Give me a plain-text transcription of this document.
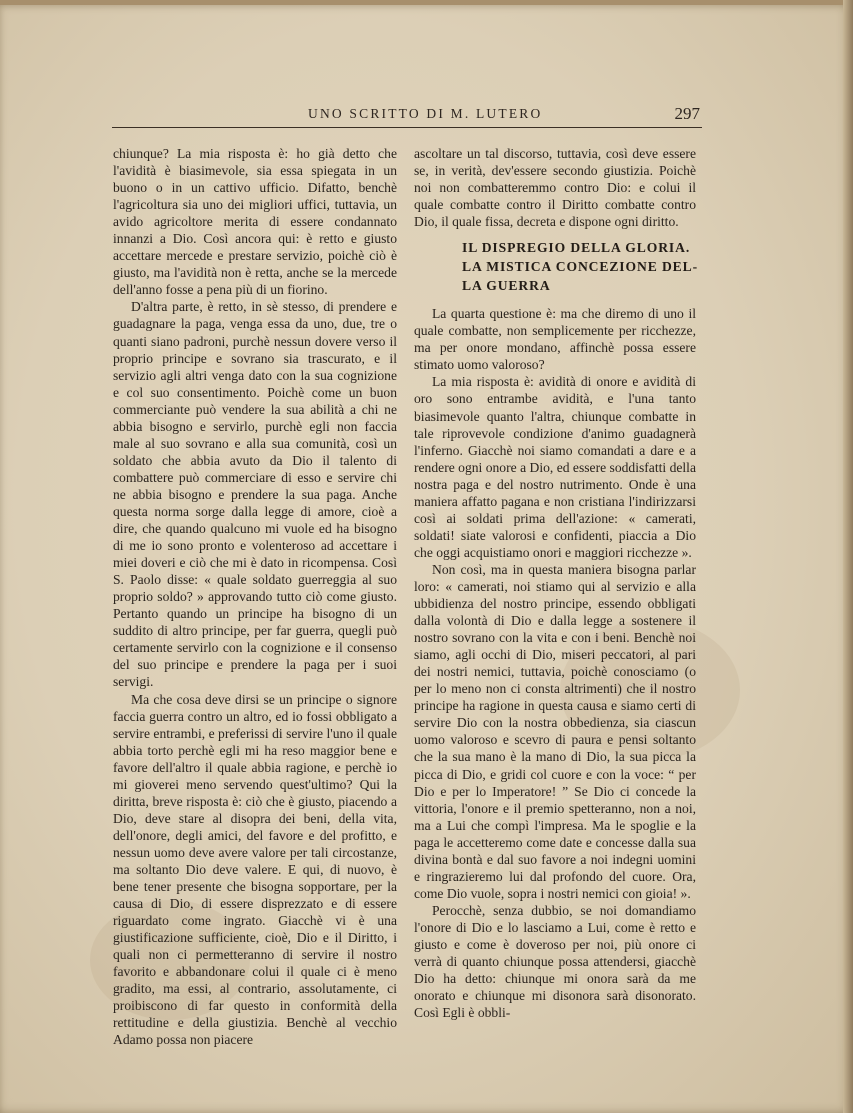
UNO SCRITTO DI M. LUTERO	297

chiunque? La mia risposta è: ho già detto che l'avidità è biasimevole, sia essa spiegata in un buono o in un cattivo ufficio. Difatto, benchè l'agricoltura sia uno dei migliori uffici, tuttavia, un avido agricoltore merita di essere condannato innanzi a Dio. Così ancora qui: è retto e giusto accettare mercede e prestare servizio, poichè ciò è giusto, ma l'avidità non è retta, anche se la mercede dell'anno fosse a pena più di un fiorino.

D'altra parte, è retto, in sè stesso, di prendere e guadagnare la paga, venga essa da uno, due, tre o quanti siano padroni, purchè nessun dovere verso il proprio principe e sovrano sia trascurato, e il servizio agli altri venga dato con la sua cognizione e col suo consentimento. Poichè come un buon commerciante può vendere la sua abilità a chi ne abbia bisogno e servirlo, purchè egli non faccia male al suo sovrano e alla sua comunità, così un soldato che abbia avuto da Dio il talento di combattere può commerciare di esso e servire chi ne abbia bisogno e prendere la sua paga. Anche questa norma sorge dalla legge di amore, cioè a dire, che quando qualcuno mi vuole ed ha bisogno di me io sono pronto e volenteroso ad accettare i miei doveri e ciò che mi è dato in ricompensa. Così S. Paolo disse: « quale soldato guerreggia al suo proprio soldo? » approvando tutto ciò come giusto. Pertanto quando un principe ha bisogno di un suddito di altro principe, per far guerra, quegli può certamente servirlo con la cognizione e il consenso del suo principe e prendere la paga per i suoi servigi.

Ma che cosa deve dirsi se un principe o signore faccia guerra contro un altro, ed io fossi obbligato a servire entrambi, e preferissi di servire l'uno il quale abbia torto perchè egli mi ha reso maggior bene e favore dell'altro il quale abbia ragione, e perchè io mi gioverei meno servendo quest'ultimo? Qui la diritta, breve risposta è: ciò che è giusto, piacendo a Dio, deve stare al disopra dei beni, della vita, dell'onore, degli amici, del favore e del profitto, e nessun uomo deve avere valore per tali circostanze, ma soltanto Dio deve valere. E qui, di nuovo, è bene tener presente che bisogna sopportare, per la causa di Dio, di essere disprezzato e di essere riguardato come ingrato. Giacchè vi è una giustificazione sufficiente, cioè, Dio e il Diritto, i quali non ci permetteranno di servire il nostro favorito e abbandonare colui il quale ci è meno gradito, ma essi, al contrario, assolutamente, ci proibiscono di far questo in conformità della rettitudine e della giustizia. Benchè al vecchio Adamo possa non piacere

ascoltare un tal discorso, tuttavia, così deve essere se, in verità, dev'essere secondo giustizia. Poichè noi non combatteremmo contro Dio: e colui il quale combatte contro il Diritto combatte contro Dio, il quale fissa, decreta e dispone ogni diritto.

IL DISPREGIO DELLA GLORIA.
LA MISTICA CONCEZIONE DEL-
LA GUERRA

La quarta questione è: ma che diremo di uno il quale combatte, non semplicemente per ricchezze, ma per onore mondano, affinchè possa essere stimato uomo valoroso?

La mia risposta è: avidità di onore e avidità di oro sono entrambe avidità, e l'una tanto biasimevole quanto l'altra, chiunque combatte in tale riprovevole condizione d'animo guadagnerà l'inferno. Giacchè noi siamo comandati a dare e a rendere ogni onore a Dio, ed essere soddisfatti della nostra paga e del nostro nutrimento. Onde è una maniera affatto pagana e non cristiana l'indirizzarsi così ai soldati prima dell'azione: « camerati, soldati! siate valorosi e confidenti, piaccia a Dio che oggi acquistiamo onori e maggiori ricchezze ».

Non così, ma in questa maniera bisogna parlar loro: « camerati, noi stiamo qui al servizio e alla ubbidienza del nostro principe, essendo obbligati dalla volontà di Dio e dalla legge a sostenere il nostro sovrano con la vita e con i beni. Benchè noi siamo, agli occhi di Dio, miseri peccatori, al pari dei nostri nemici, tuttavia, poichè conosciamo (o per lo meno non ci consta altrimenti) che il nostro principe ha ragione in questa causa e siamo certi di servire Dio con la nostra obbedienza, sia ciascun uomo valoroso e scevro di paura e pensi soltanto che la sua mano è la mano di Dio, la sua picca la picca di Dio, e gridi col cuore e con la voce: “ per Dio e per lo Imperatore! ” Se Dio ci concede la vittoria, l'onore e il premio spetteranno, non a noi, ma a Lui che compì l'impresa. Ma le spoglie e la paga le accetteremo come date e concesse dalla sua divina bontà e dal suo favore a noi indegni uomini e ringrazieremo lui dal profondo del cuore. Ora, come Dio vuole, sopra i nostri nemici con gioia! ».

Perocchè, senza dubbio, se noi domandiamo l'onore di Dio e lo lasciamo a Lui, come è retto e giusto e come è doveroso per noi, più onore ci verrà di quanto chiunque possa attendersi, giacchè Dio ha detto: chiunque mi onora sarà da me onorato e chiunque mi disonora sarà disonorato. Così Egli è obbli-
